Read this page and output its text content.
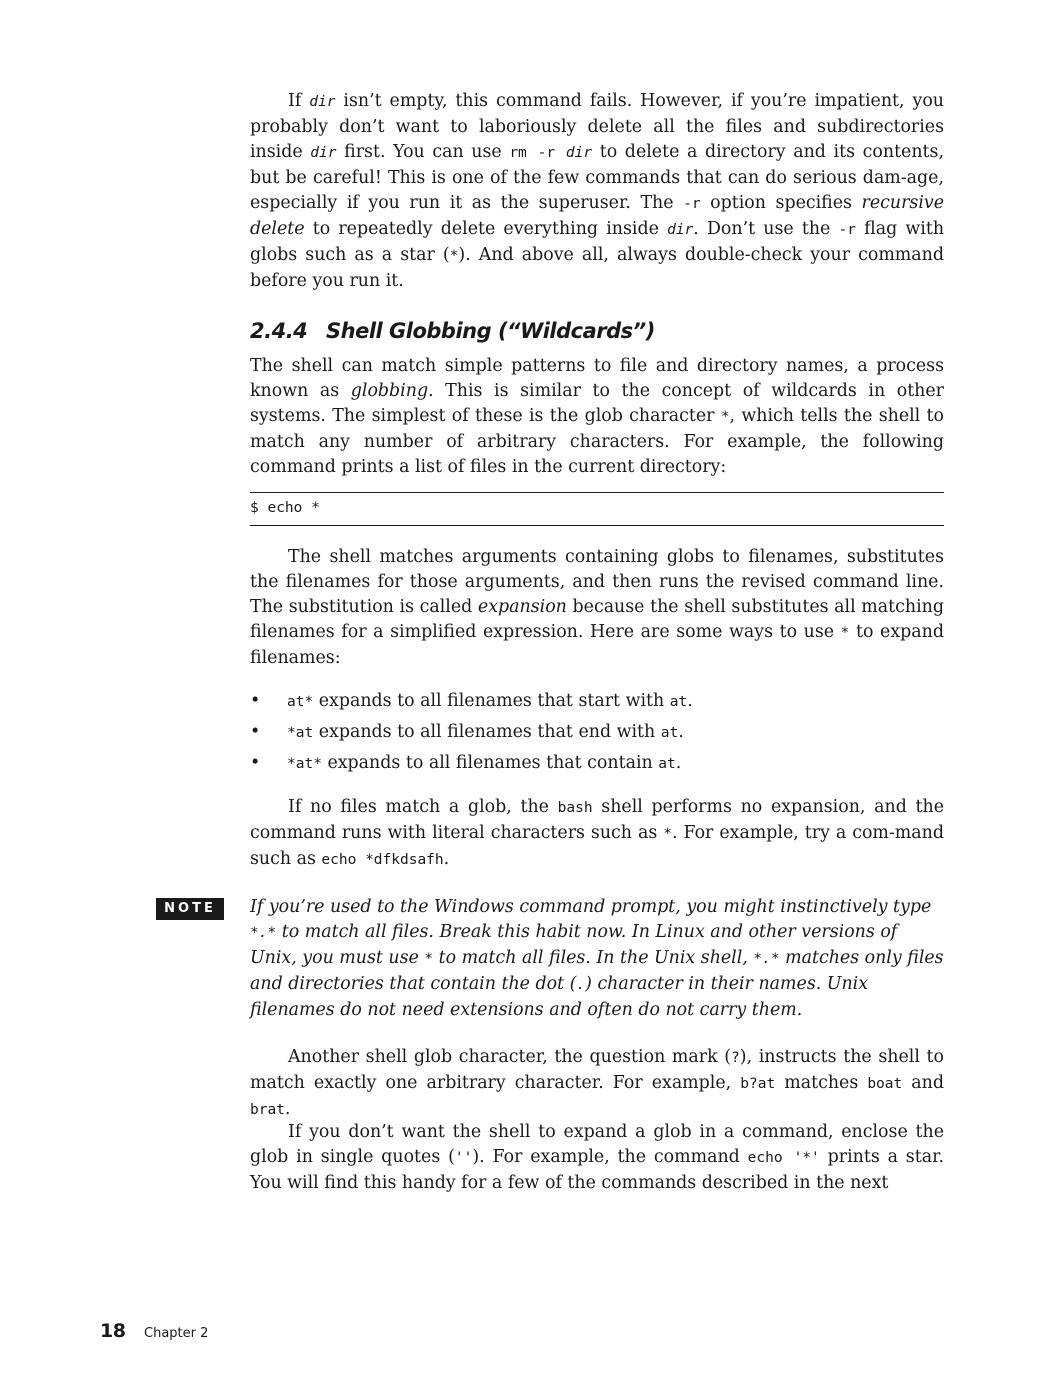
If dir isn’t empty, this command fails. However, if you’re impatient, you probably don’t want to laboriously delete all the files and subdirectories inside dir first. You can use rm -r dir to delete a directory and its contents, but be careful! This is one of the few commands that can do serious dam-age, especially if you run it as the superuser. The -r option specifies recursive delete to repeatedly delete everything inside dir. Don’t use the -r flag with globs such as a star (*). And above all, always double-check your command before you run it.

2.4.4 Shell Globbing (“Wildcards”)

The shell can match simple patterns to file and directory names, a process known as globbing. This is similar to the concept of wildcards in other systems. The simplest of these is the glob character *, which tells the shell to match any number of arbitrary characters. For example, the following command prints a list of files in the current directory:

$ echo *

The shell matches arguments containing globs to filenames, substitutes the filenames for those arguments, and then runs the revised command line. The substitution is called expansion because the shell substitutes all matching filenames for a simplified expression. Here are some ways to use * to expand filenames:

• at* expands to all filenames that start with at.
• *at expands to all filenames that end with at.
• *at* expands to all filenames that contain at.

If no files match a glob, the bash shell performs no expansion, and the command runs with literal characters such as *. For example, try a com-mand such as echo *dfkdsafh.

NOTE	If you’re used to the Windows command prompt, you might instinctively type *.* to match all files. Break this habit now. In Linux and other versions of Unix, you must use * to match all files. In the Unix shell, *.* matches only files and directories that contain the dot (.) character in their names. Unix filenames do not need extensions and often do not carry them.

Another shell glob character, the question mark (?), instructs the shell to match exactly one arbitrary character. For example, b?at matches boat and brat.

If you don’t want the shell to expand a glob in a command, enclose the glob in single quotes (''). For example, the command echo '*' prints a star. You will find this handy for a few of the commands described in the next

18 Chapter 2
